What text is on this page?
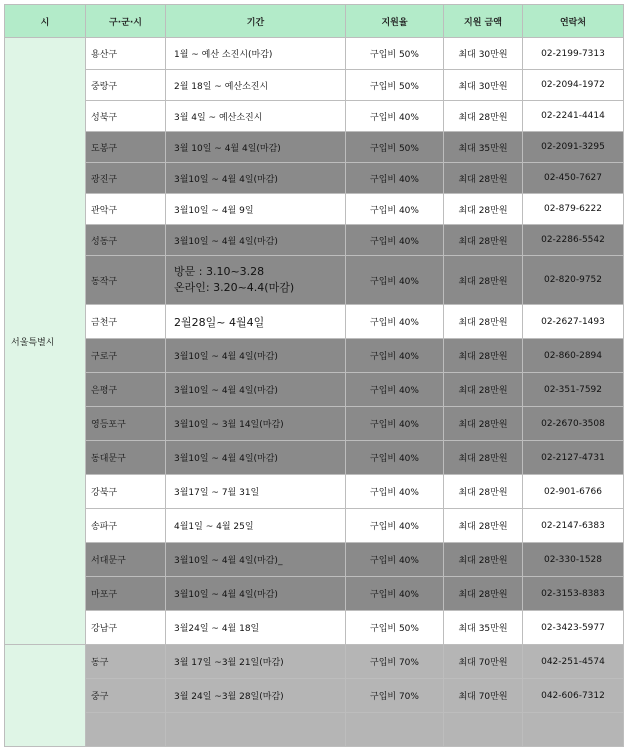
시	구·군·시	기간	지원율	지원 금액	연락처
서울특별시	용산구	1월 ~ 예산 소진시(마감)	구입비 50%	최대 30만원	02-2199-7313
	중랑구	2월 18일 ~ 예산소진시	구입비 50%	최대 30만원	02-2094-1972
	성북구	3월 4일 ~ 예산소진시	구입비 40%	최대 28만원	02-2241-4414
	도봉구	3월 10일 ~ 4월 4일(마감)	구입비 50%	최대 35만원	02-2091-3295
	광진구	3월10일 ~ 4월 4일(마감)	구입비 40%	최대 28만원	02-450-7627
	관악구	3월10일 ~ 4월 9일	구입비 40%	최대 28만원	02-879-6222
	성동구	3월10일 ~ 4월 4일(마감)	구입비 40%	최대 28만원	02-2286-5542
	동작구	방문 : 3.10~3.28
온라인: 3.20~4.4(마감)	구입비 40%	최대 28만원	02-820-9752
	금천구	2월28일~ 4월4일	구입비 40%	최대 28만원	02-2627-1493
	구로구	3월10일 ~ 4월 4일(마감)	구입비 40%	최대 28만원	02-860-2894
	은평구	3월10일 ~ 4월 4일(마감)	구입비 40%	최대 28만원	02-351-7592
	영등포구	3월10일 ~ 3월 14일(마감)	구입비 40%	최대 28만원	02-2670-3508
	동대문구	3월10일 ~ 4월 4일(마감)	구입비 40%	최대 28만원	02-2127-4731
	강북구	3월17일 ~ 7월 31일	구입비 40%	최대 28만원	02-901-6766
	송파구	4월1일 ~ 4월 25일	구입비 40%	최대 28만원	02-2147-6383
	서대문구	3월10일 ~ 4월 4일(마감)_	구입비 40%	최대 28만원	02-330-1528
	마포구	3월10일 ~ 4월 4일(마감)	구입비 40%	최대 28만원	02-3153-8383
	강남구	3월24일 ~ 4월 18일	구입비 50%	최대 35만원	02-3423-5977
	동구	3월 17일 ~3월 21일(마감)	구입비 70%	최대 70만원	042-251-4574
	중구	3월 24일 ~3월 28일(마감)	구입비 70%	최대 70만원	042-606-7312
